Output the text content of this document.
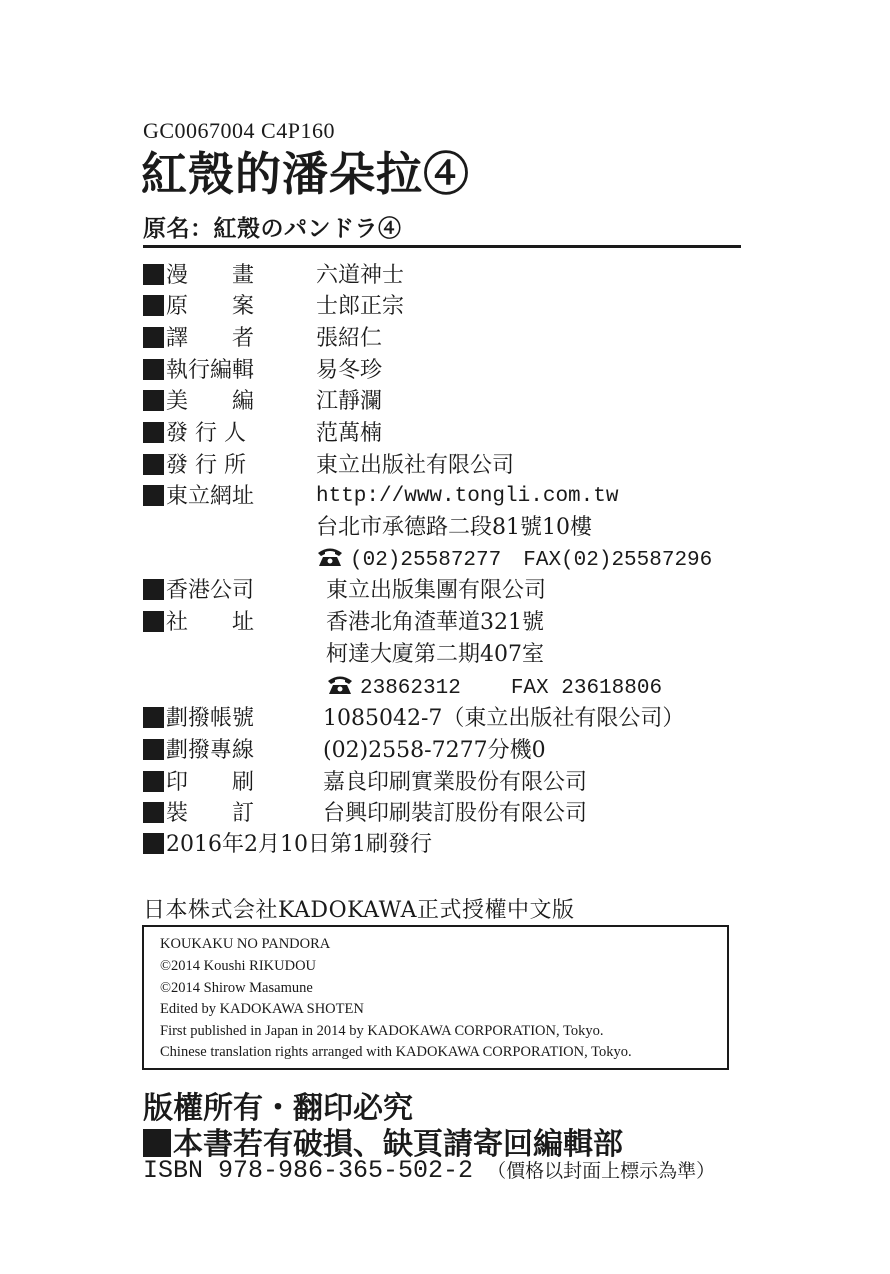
GC0067004 C4P160
紅殼的潘朵拉④
原名：紅殼のパンドラ④
漫　　畫	六道神士
原　　案	士郎正宗
譯　　者	張紹仁
執行編輯	易冬珍
美　　編	江靜瀾
發 行 人	范萬楠
發 行 所	東立出版社有限公司
東立網址	http://www.tongli.com.tw
台北市承德路二段81號10樓
(02)25587277 FAX(02)25587296
香港公司	東立出版集團有限公司
社　　址	香港北角渣華道321號
柯達大廈第二期407室
23862312 FAX 23618806
劃撥帳號	1085042-7（東立出版社有限公司）
劃撥專線	(02)2558-7277分機0
印　　刷	嘉良印刷實業股份有限公司
裝　　訂	台興印刷裝訂股份有限公司
2016年2月10日第1刷發行
日本株式会社KADOKAWA正式授權中文版
KOUKAKU NO PANDORA
©2014 Koushi RIKUDOU
©2014 Shirow Masamune
Edited by KADOKAWA SHOTEN
First published in Japan in 2014 by KADOKAWA CORPORATION, Tokyo.
Chinese translation rights arranged with KADOKAWA CORPORATION, Tokyo.
版權所有・翻印必究
本書若有破損、缺頁請寄回編輯部
ISBN 978-986-365-502-2 （價格以封面上標示為準）
